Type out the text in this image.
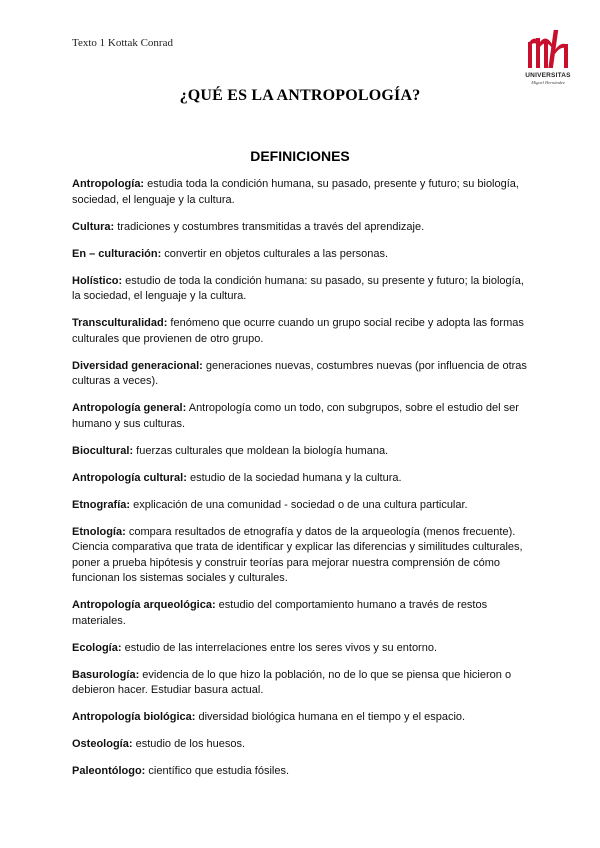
Texto 1 Kottak Conrad
UNIVERSITAS
Miguel Hernández
¿QUÉ ES LA ANTROPOLOGÍA?
DEFINICIONES

Antropología: estudia toda la condición humana, su pasado, presente y futuro; su biología, sociedad, el lenguaje y la cultura.

Cultura: tradiciones y costumbres transmitidas a través del aprendizaje.

En – culturación: convertir en objetos culturales a las personas.

Holístico: estudio de toda la condición humana: su pasado, su presente y futuro; la biología, la sociedad, el lenguaje y la cultura.

Transculturalidad: fenómeno que ocurre cuando un grupo social recibe y adopta las formas culturales que provienen de otro grupo.

Diversidad generacional: generaciones nuevas, costumbres nuevas (por influencia de otras culturas a veces).

Antropología general: Antropología como un todo, con subgrupos, sobre el estudio del ser humano y sus culturas.

Biocultural: fuerzas culturales que moldean la biología humana.

Antropología cultural: estudio de la sociedad humana y la cultura.

Etnografía: explicación de una comunidad - sociedad o de una cultura particular.

Etnología: compara resultados de etnografía y datos de la arqueología (menos frecuente). Ciencia comparativa que trata de identificar y explicar las diferencias y similitudes culturales, poner a prueba hipótesis y construir teorías para mejorar nuestra comprensión de cómo funcionan los sistemas sociales y culturales.

Antropología arqueológica: estudio del comportamiento humano a través de restos materiales.

Ecología: estudio de las interrelaciones entre los seres vivos y su entorno.

Basurología: evidencia de lo que hizo la población, no de lo que se piensa que hicieron o debieron hacer. Estudiar basura actual.

Antropología biológica: diversidad biológica humana en el tiempo y el espacio.

Osteología: estudio de los huesos.

Paleontólogo: científico que estudia fósiles.
